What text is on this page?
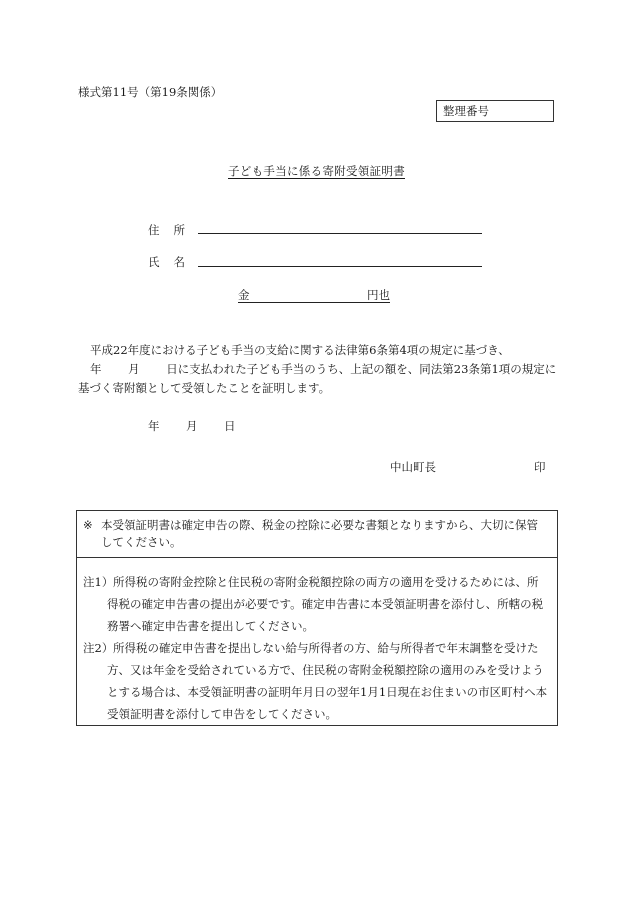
様式第11号（第19条関係）
整理番号
子ども手当に係る寄附受領証明書
住 所
氏 名
金	円也

平成22年度における子ども手当の支給に関する法律第6条第4項の規定に基づき、

年　　 月　　 日に支払われた子ども手当のうち、上記の額を、同法第23条第1項の規定に

基づく寄附額として受領したことを証明します。

年 月 日
中山町長	印
※ 本受領証明書は確定申告の際、税金の控除に必要な書類となりますから、大切に保管
してください。
注1） 所得税の寄附金控除と住民税の寄附金税額控除の両方の適用を受けるためには、所
得税の確定申告書の提出が必要です。確定申告書に本受領証明書を添付し、所轄の税
務署へ確定申告書を提出してください。
注2） 所得税の確定申告書を提出しない給与所得者の方、給与所得者で年末調整を受けた
方、又は年金を受給されている方で、住民税の寄附金税額控除の適用のみを受けよう
とする場合は、本受領証明書の証明年月日の翌年1月1日現在お住まいの市区町村へ本
受領証明書を添付して申告をしてください。
